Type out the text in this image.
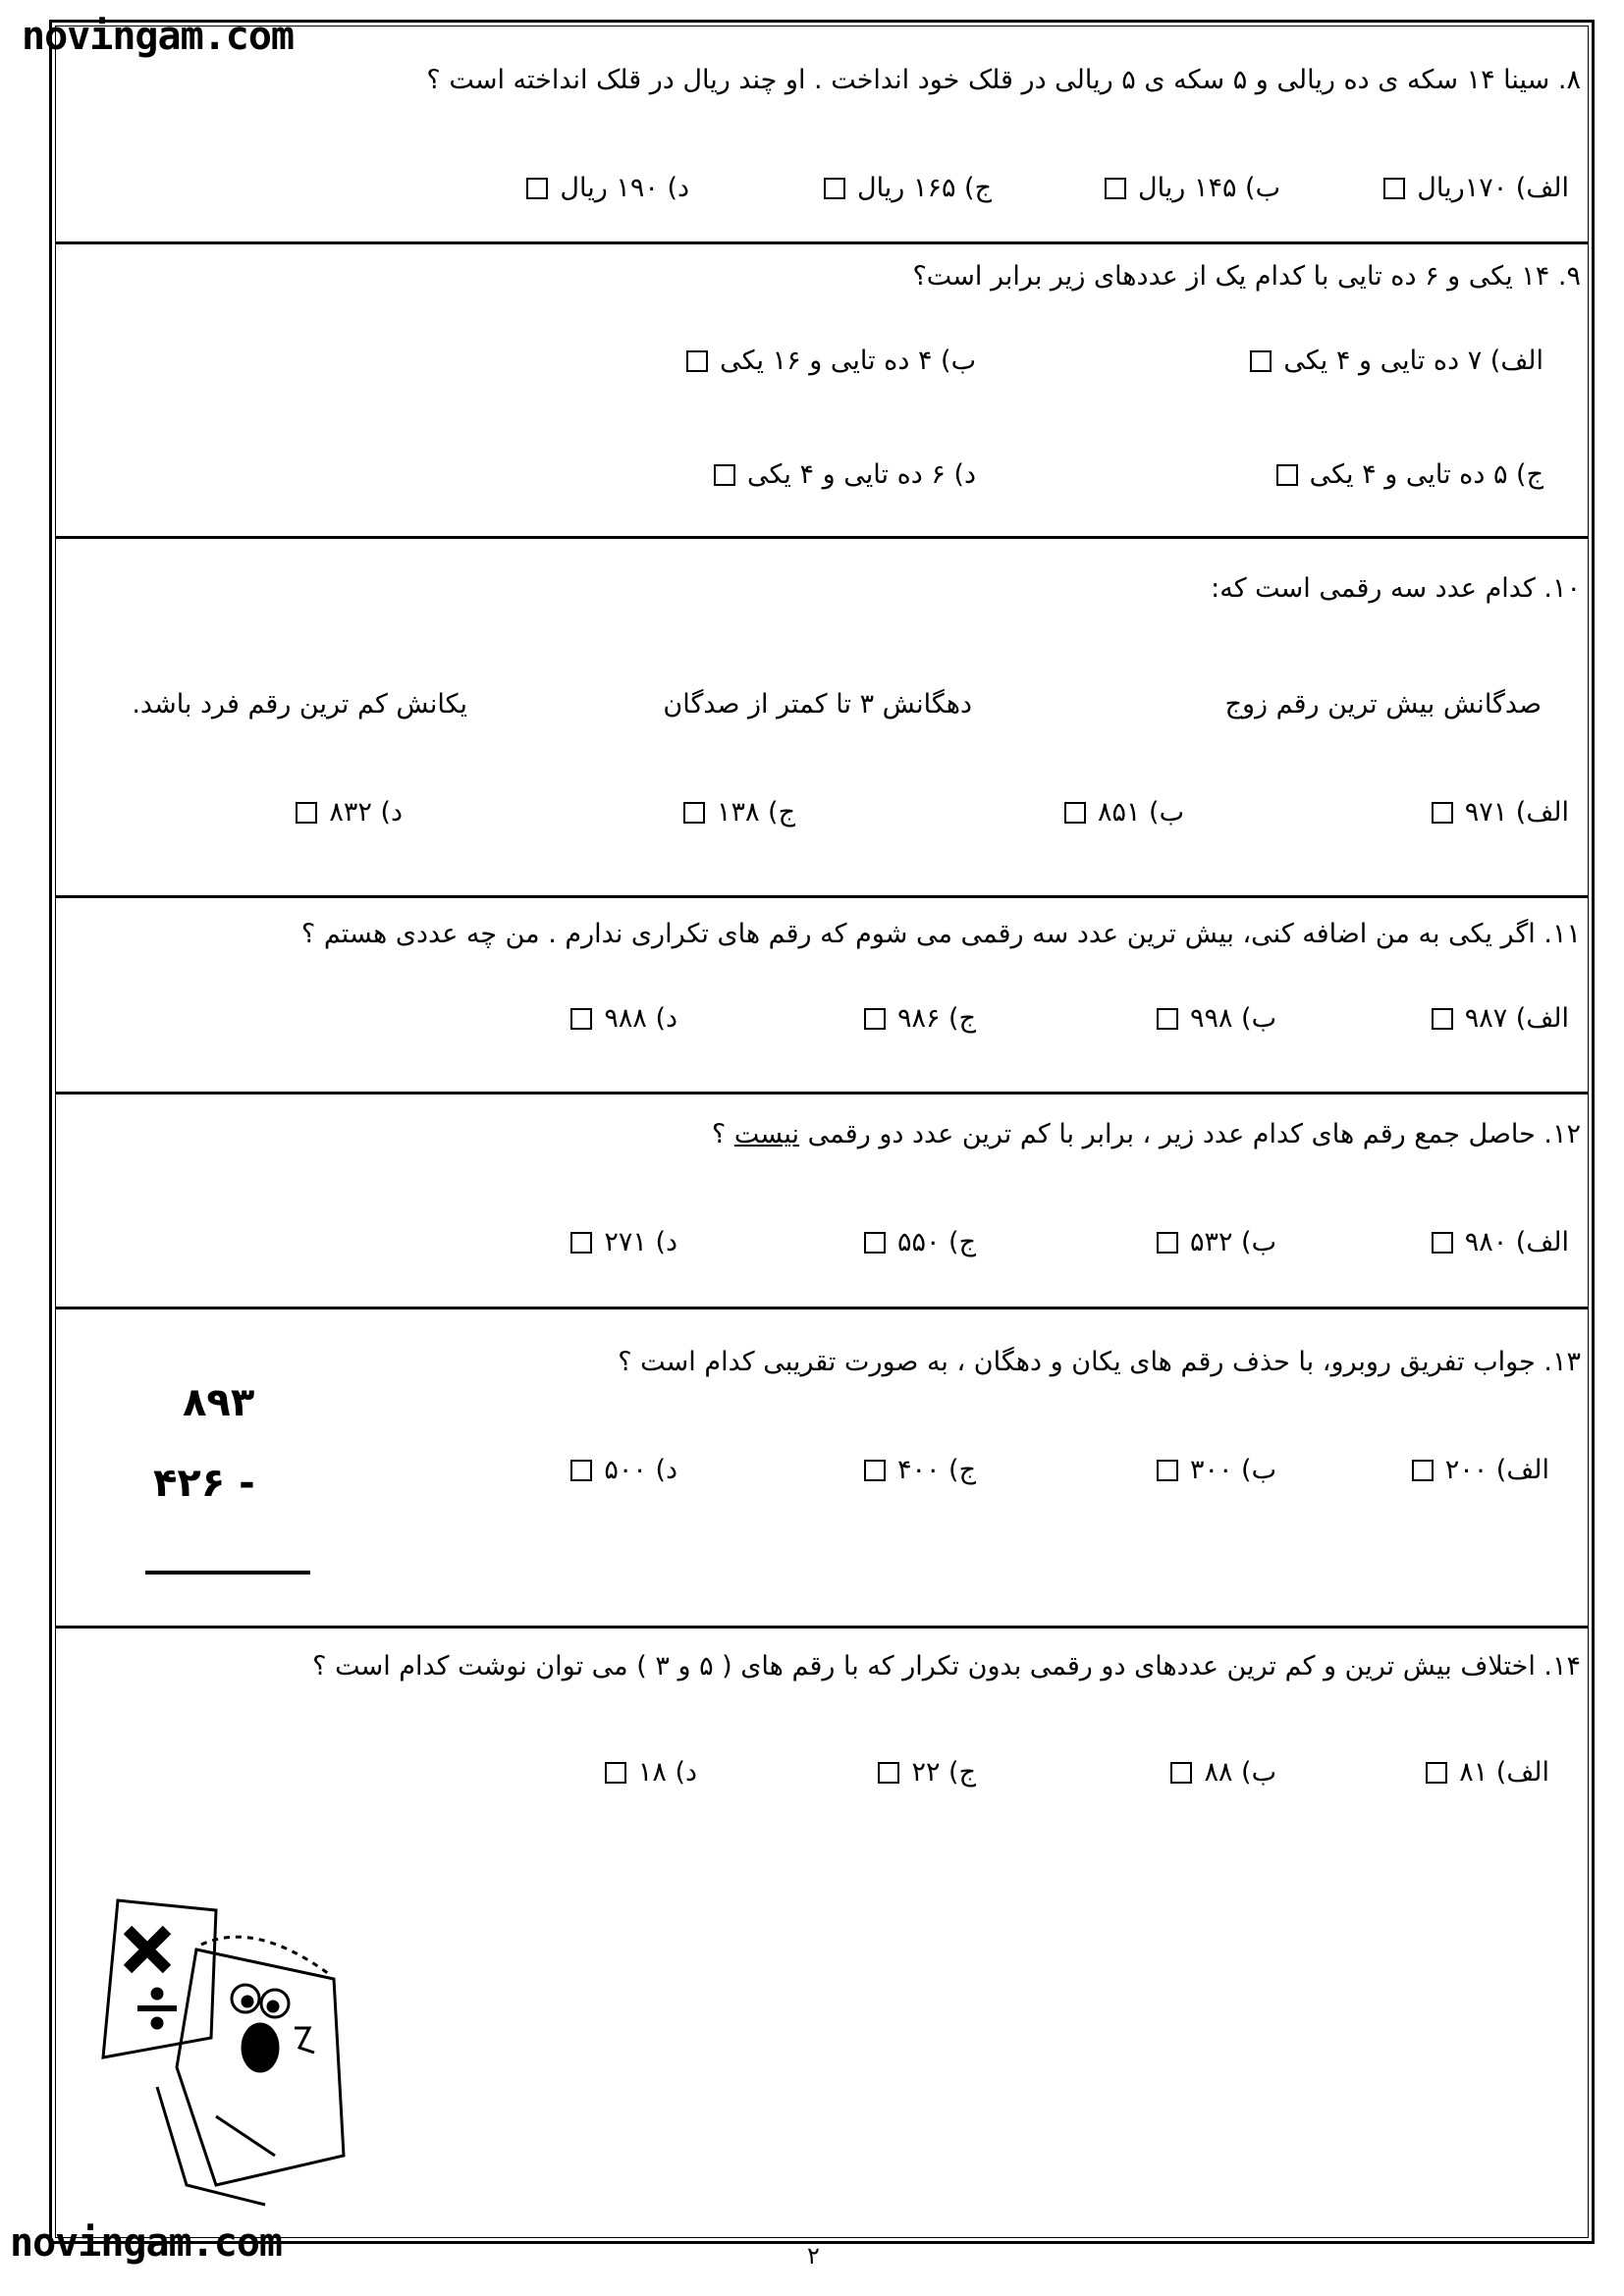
novingam.com
۸. سینا ۱۴ سکه ی ده ریالی و ۵ سکه ی ۵ ریالی در قلک خود انداخت . او چند ریال در قلک انداخته است ؟
الف) ۱۷۰ریال
ب) ۱۴۵ ریال
ج) ۱۶۵ ریال
د) ۱۹۰ ریال
۹. ۱۴ یکی و ۶ ده تایی با کدام یک از عددهای زیر برابر است؟
الف) ۷ ده تایی و ۴ یکی
ب) ۴ ده تایی و ۱۶ یکی
ج) ۵ ده تایی و ۴ یکی
د) ۶ ده تایی و ۴ یکی
۱۰. کدام عدد سه رقمی است که:
صدگانش بیش ترین رقم زوج
دهگانش ۳ تا کمتر از صدگان
یکانش کم ترین رقم فرد باشد.
الف) ۹۷۱
ب) ۸۵۱
ج) ۱۳۸
د) ۸۳۲
۱۱. اگر یکی به من اضافه کنی، بیش ترین عدد سه رقمی می شوم که رقم های تکراری ندارم . من چه عددی هستم ؟
الف) ۹۸۷
ب) ۹۹۸
ج) ۹۸۶
د) ۹۸۸
۱۲. حاصل جمع رقم های کدام عدد زیر ، برابر با کم ترین عدد دو رقمی نیست ؟
الف) ۹۸۰
ب) ۵۳۲
ج) ۵۵۰
د) ۲۷۱
۱۳. جواب تفریق روبرو، با حذف رقم های یکان و دهگان ، به صورت تقریبی کدام است ؟
الف) ۲۰۰
ب) ۳۰۰
ج) ۴۰۰
د) ۵۰۰
۸۹۳
- ۴۲۶
۱۴. اختلاف بیش ترین و کم ترین عددهای دو رقمی بدون تکرار که با رقم های ( ۵ و ۳ ) می توان نوشت کدام است ؟
الف) ۸۱
ب) ۸۸
ج) ۲۲
د) ۱۸
۲
novingam.com
